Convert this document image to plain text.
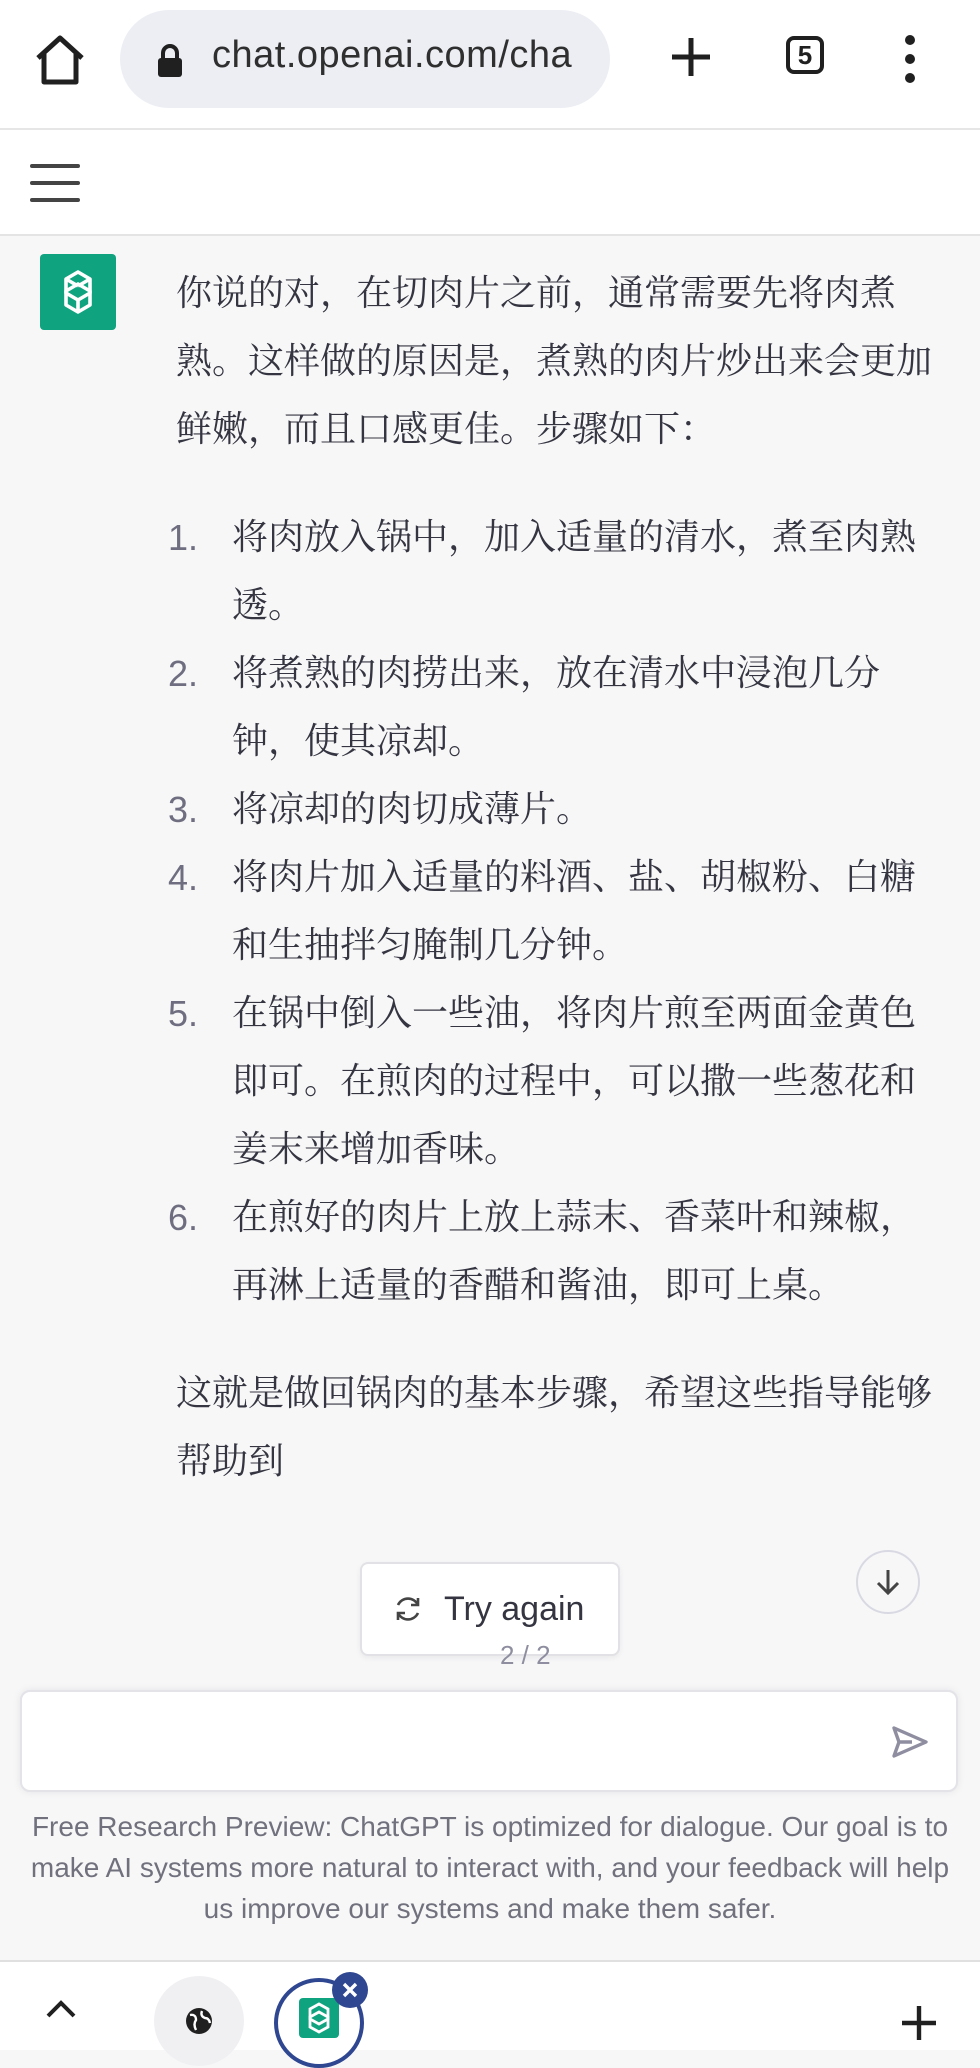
chat.openai.com/cha	5

你说的对，在切肉片之前，通常需要先将肉煮熟。这样做的原因是，煮熟的肉片炒出来会更加鲜嫩，而且口感更佳。步骤如下：

1. 将肉放入锅中，加入适量的清水，煮至肉熟透。
2. 将煮熟的肉捞出来，放在清水中浸泡几分钟，使其凉却。
3. 将凉却的肉切成薄片。
4. 将肉片加入适量的料酒、盐、胡椒粉、白糖和生抽拌匀腌制几分钟。
5. 在锅中倒入一些油，将肉片煎至两面金黄色即可。在煎肉的过程中，可以撒一些葱花和姜末来增加香味。
6. 在煎好的肉片上放上蒜末、香菜叶和辣椒，再淋上适量的香醋和酱油，即可上桌。

这就是做回锅肉的基本步骤，希望这些指导能够帮助到

Try again
2 / 2
Free Research Preview: ChatGPT is optimized for dialogue. Our goal is to make AI systems more natural to interact with, and your feedback will help us improve our systems and make them safer.
